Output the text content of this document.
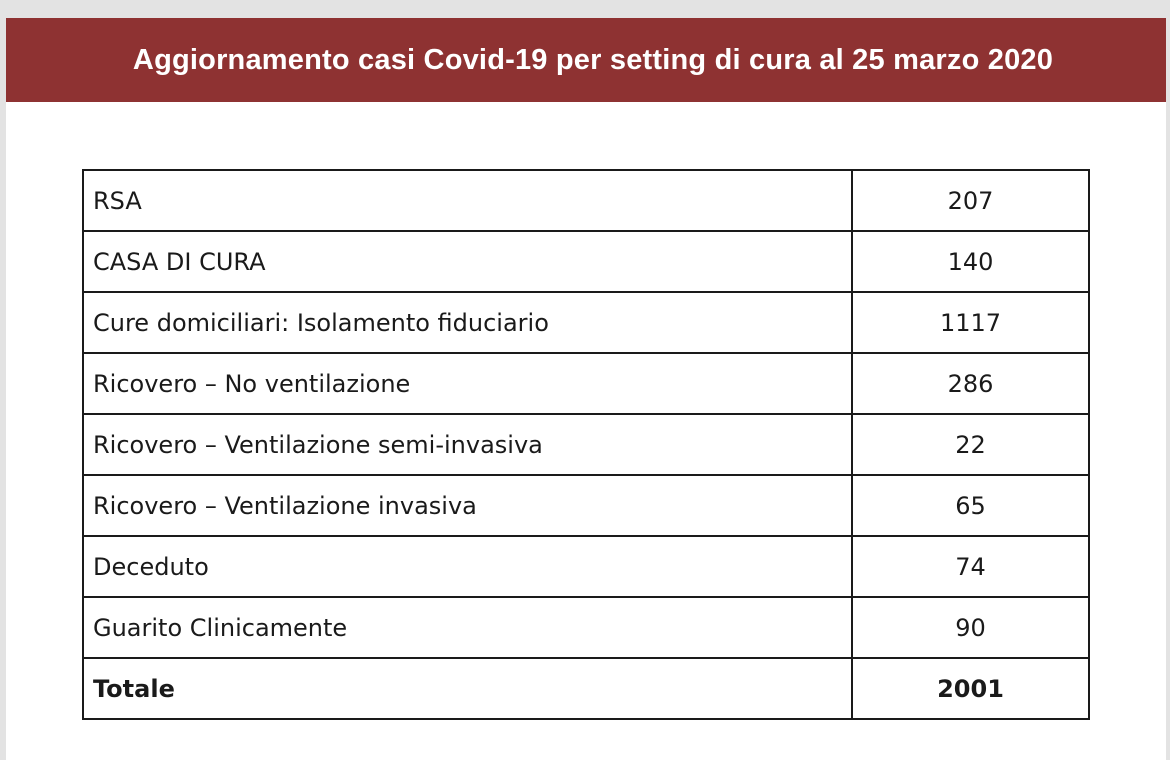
Aggiornamento casi Covid-19 per setting di cura al 25 marzo 2020
RSA	207
CASA DI CURA	140
Cure domiciliari: Isolamento fiduciario	1117
Ricovero – No ventilazione	286
Ricovero – Ventilazione semi-invasiva	22
Ricovero – Ventilazione invasiva	65
Deceduto	74
Guarito Clinicamente	90
Totale	2001
